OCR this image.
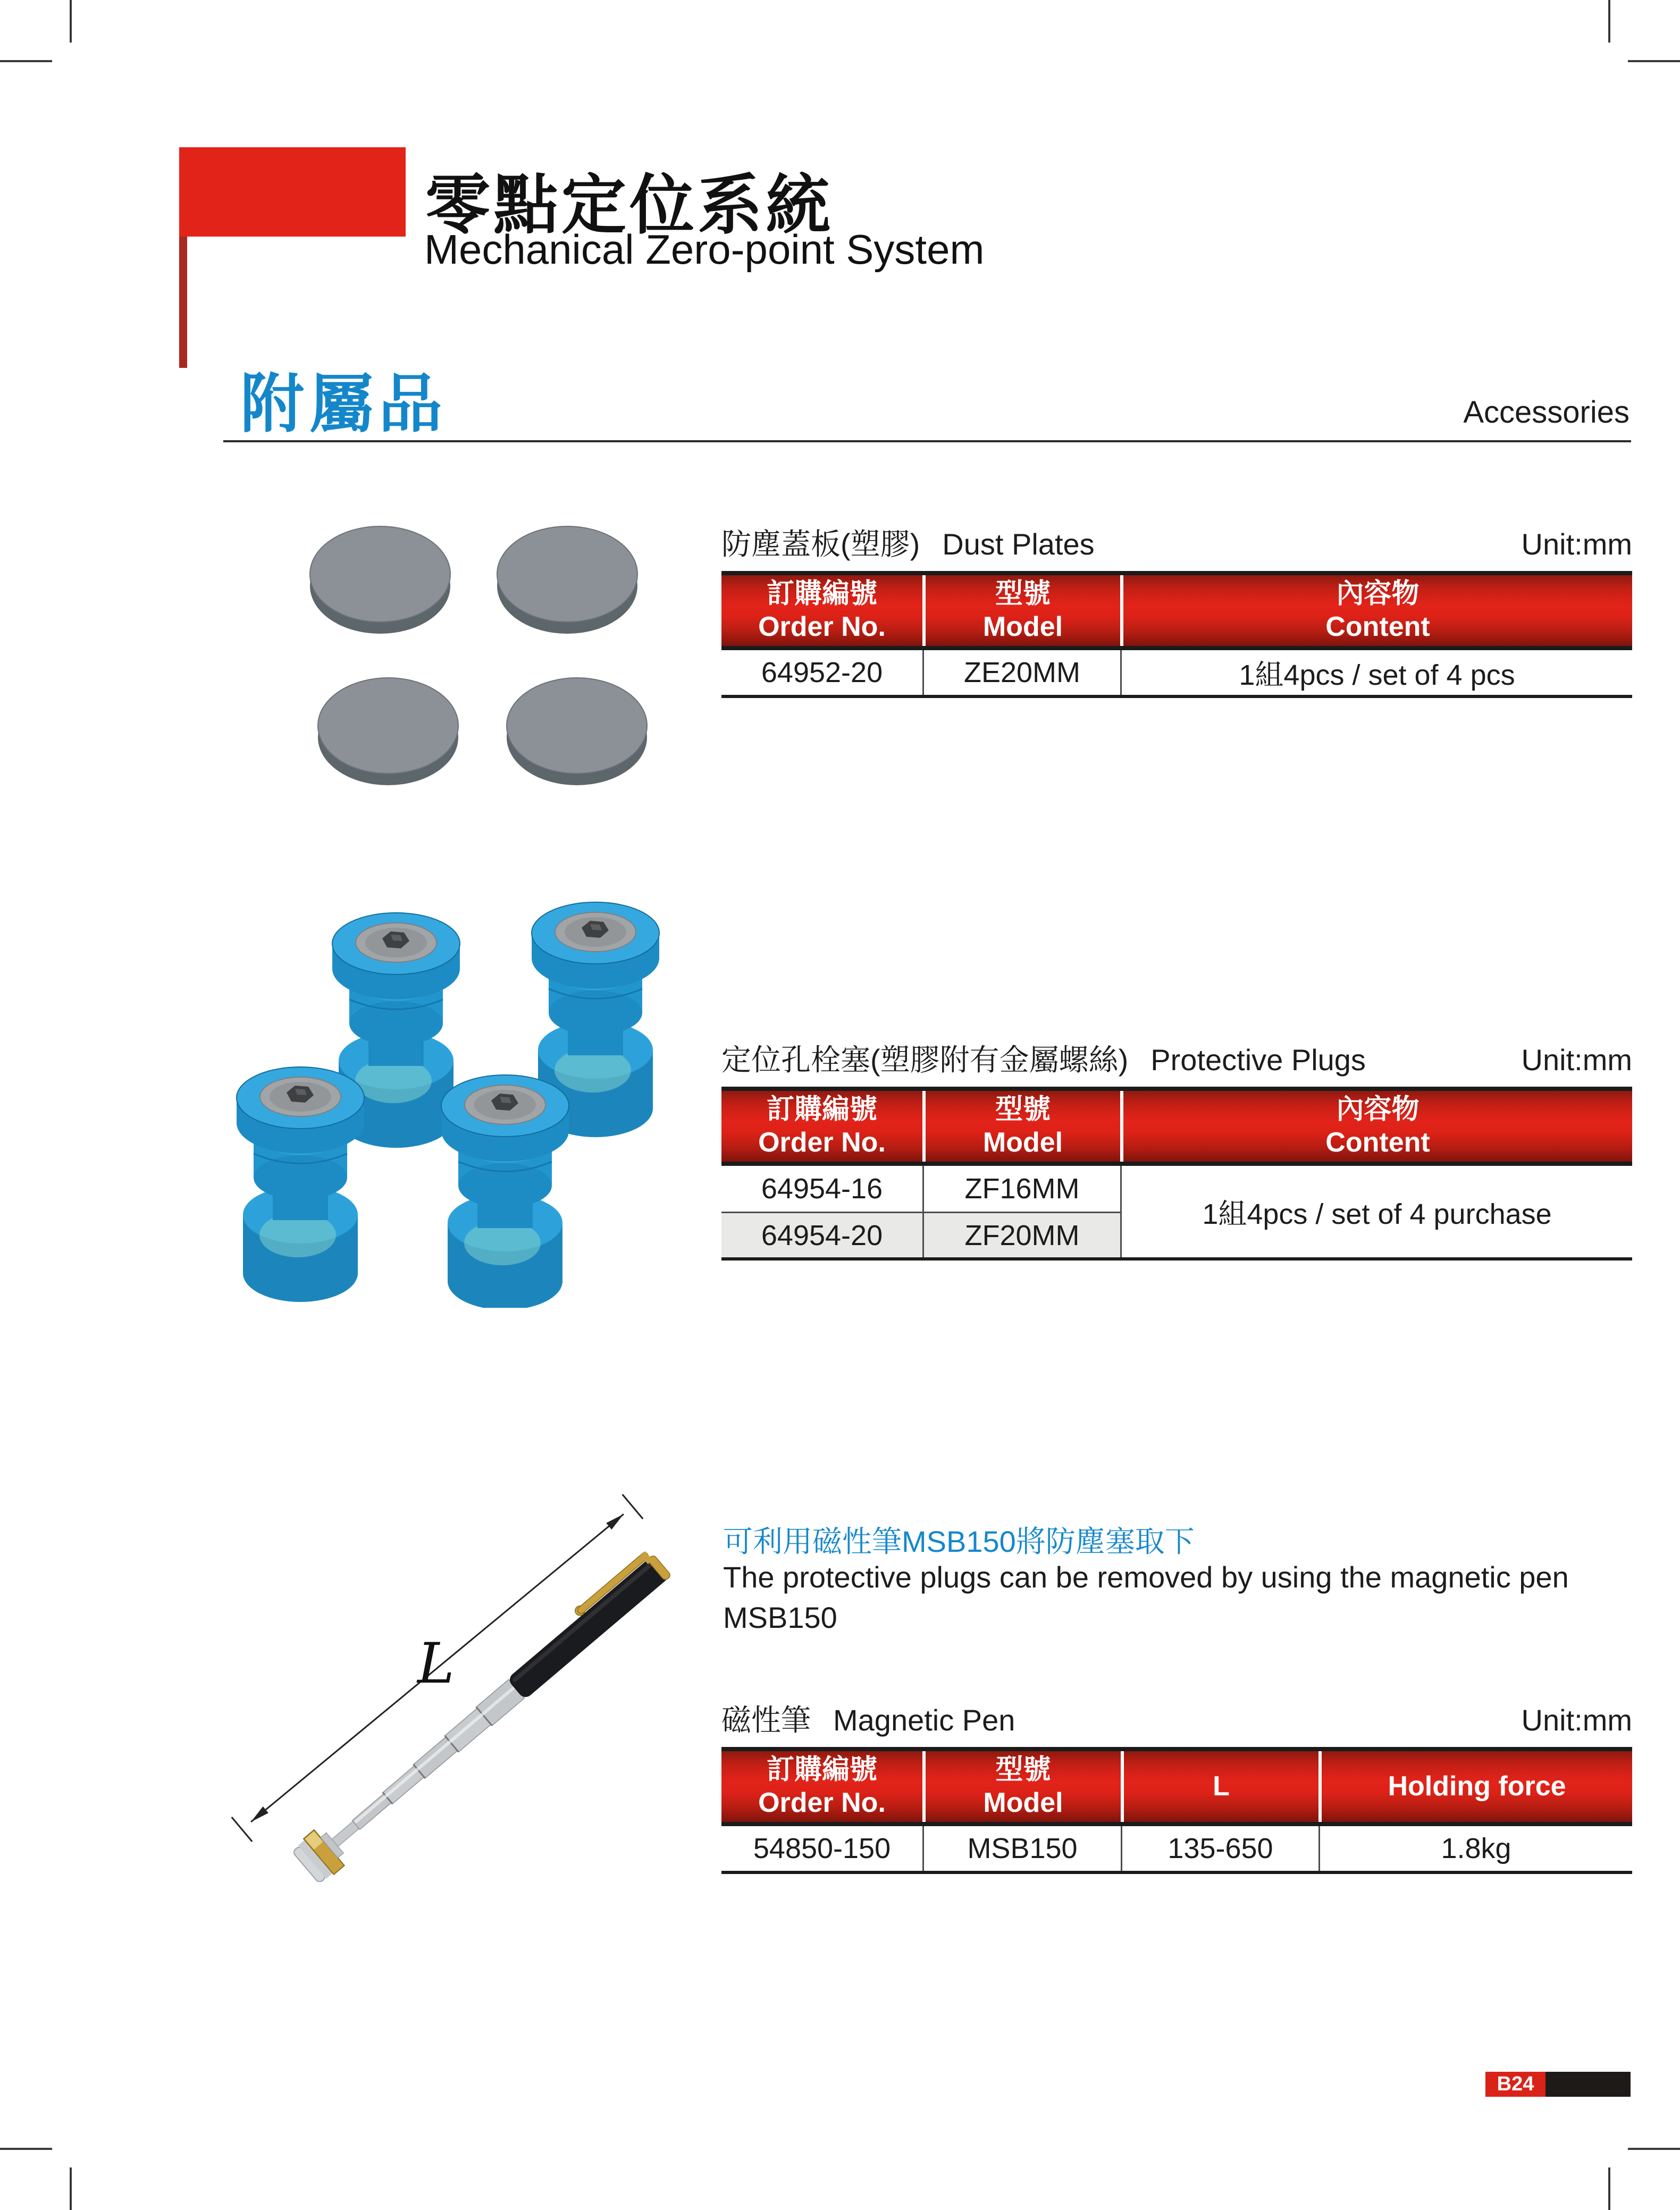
零點定位系統
Mechanical Zero-point System
附屬品	Accessories
防塵蓋板(塑膠) Dust Plates	Unit:mm
訂購編號
Order No.
型號
Model
內容物
Content
64952-20	ZE20MM	1組4pcs / set of 4 pcs
定位孔栓塞(塑膠附有金屬螺絲) Protective Plugs	Unit:mm
訂購編號
Order No.
型號
Model
內容物
Content
64954-16	ZF16MM
1組4pcs / set of 4 purchase
64954-20	ZF20MM
L
可利用磁性筆MSB150將防塵塞取下
The protective plugs can be removed by using the magnetic pen
MSB150
磁性筆 Magnetic Pen	Unit:mm
訂購編號
Order No.
型號
Model
L	Holding force
54850-150	MSB150	135-650	1.8kg
B24
